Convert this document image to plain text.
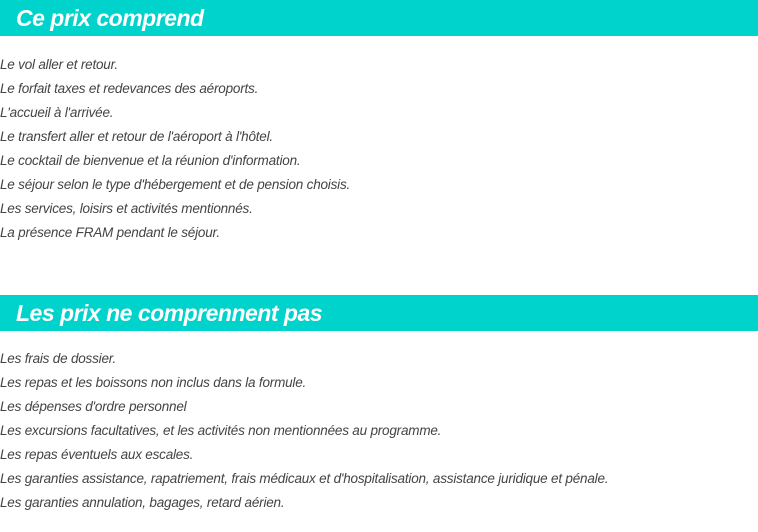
Ce prix comprend
Le vol aller et retour.
Le forfait taxes et redevances des aéroports.
L'accueil à l'arrivée.
Le transfert aller et retour de l'aéroport à l'hôtel.
Le cocktail de bienvenue et la réunion d'information.
Le séjour selon le type d'hébergement et de pension choisis.
Les services, loisirs et activités mentionnés.
La présence FRAM pendant le séjour.
Les prix ne comprennent pas
Les frais de dossier.
Les repas et les boissons non inclus dans la formule.
Les dépenses d'ordre personnel
Les excursions facultatives, et les activités non mentionnées au programme.
Les repas éventuels aux escales.
Les garanties assistance, rapatriement, frais médicaux et d'hospitalisation, assistance juridique et pénale.
Les garanties annulation, bagages, retard aérien.
